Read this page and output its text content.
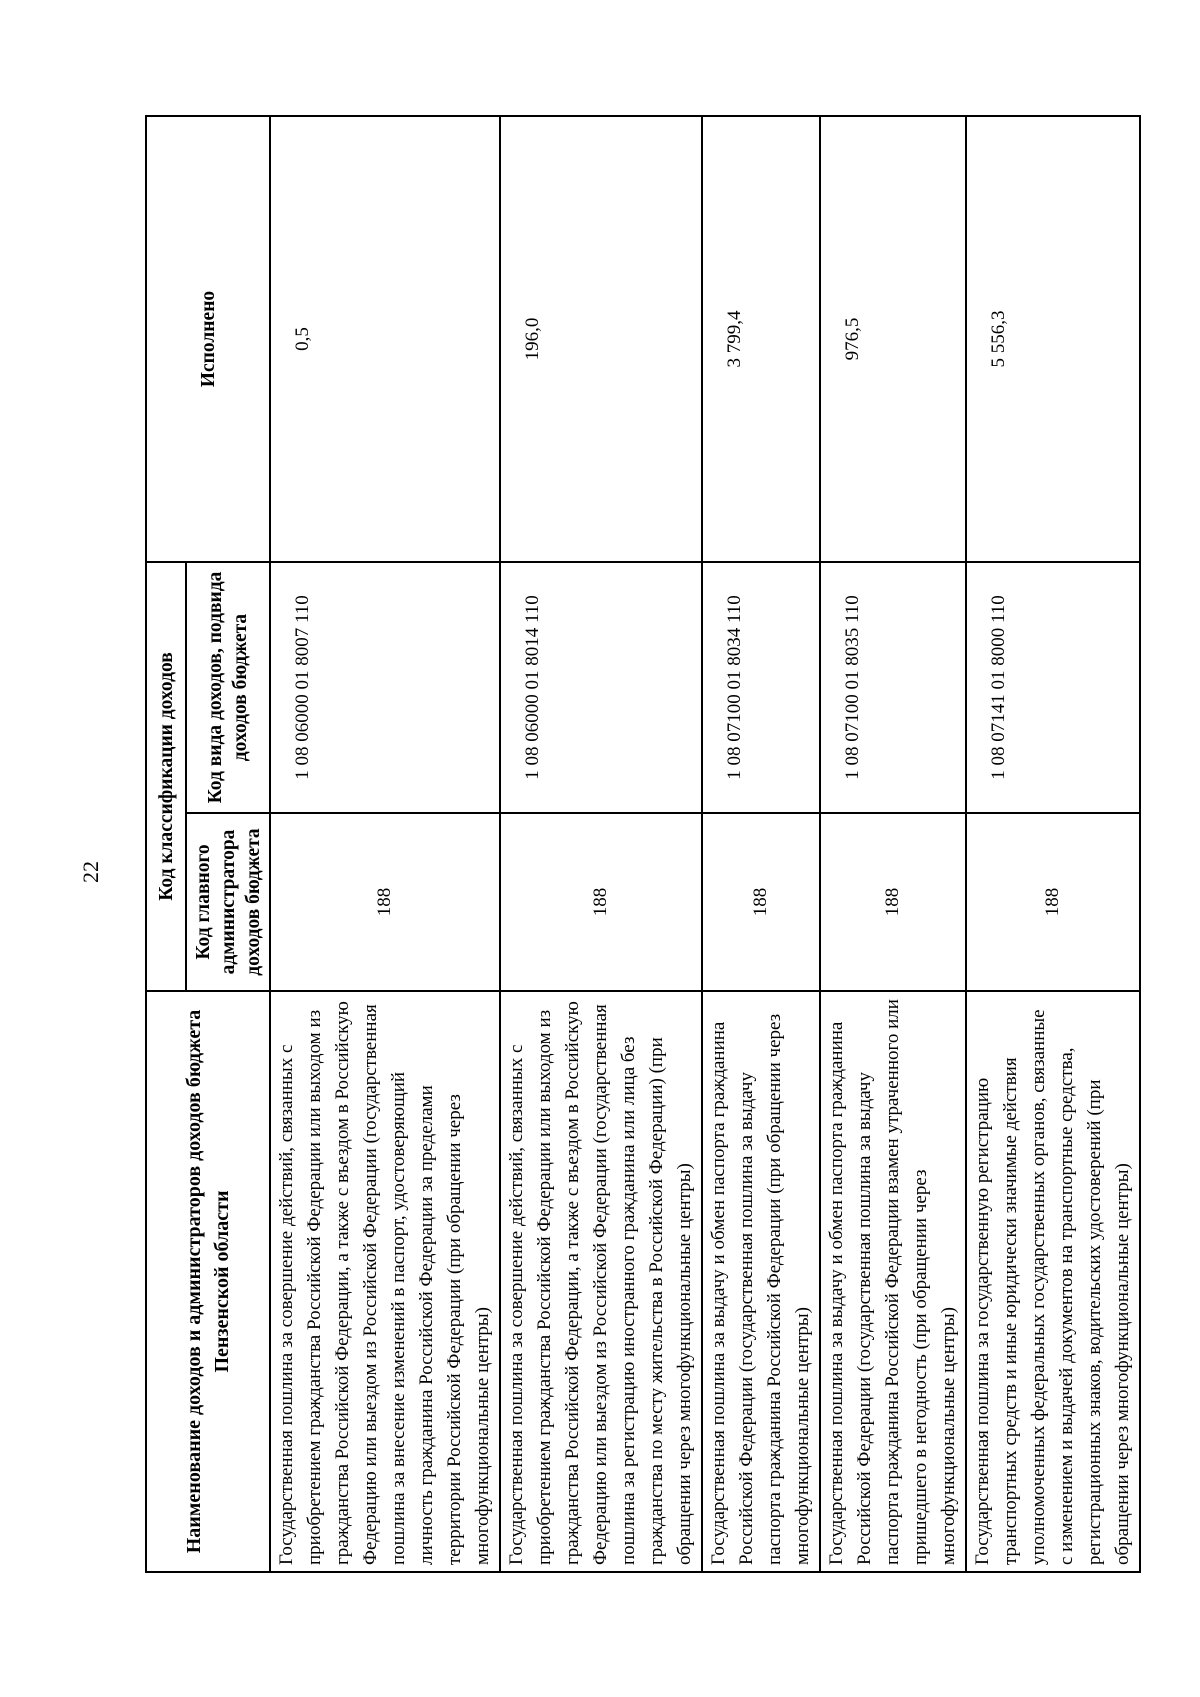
22
Наименование доходов и администраторов доходов бюджета Пензенской области	Код классификации доходов		Исполнено
	Код главного администратора доходов бюджета	Код вида доходов, подвида доходов бюджета	
Государственная пошлина за совершение действий, связанных с приобретением гражданства Российской Федерации или выходом из гражданства Российской Федерации, а также с въездом в Российскую Федерацию или выездом из Российской Федерации (государственная пошлина за внесение изменений в паспорт, удостоверяющий личность гражданина Российской Федерации за пределами территории Российской Федерации (при обращении через многофункциональные центры)	188	1 08 06000 01 8007 110	0,5
Государственная пошлина за совершение действий, связанных с приобретением гражданства Российской Федерации или выходом из гражданства Российской Федерации, а также с въездом в Российскую Федерацию или выездом из Российской Федерации (государственная пошлина за регистрацию иностранного гражданина или лица без гражданства по месту жительства в Российской Федерации) (при обращении через многофункциональные центры)	188	1 08 06000 01 8014 110	196,0
Государственная пошлина за выдачу и обмен паспорта гражданина Российской Федерации (государственная пошлина за выдачу паспорта гражданина Российской Федерации (при обращении через многофункциональные центры)	188	1 08 07100 01 8034 110	3 799,4
Государственная пошлина за выдачу и обмен паспорта гражданина Российской Федерации (государственная пошлина за выдачу паспорта гражданина Российской Федерации взамен утраченного или пришедшего в негодность (при обращении через многофункциональные центры)	188	1 08 07100 01 8035 110	976,5
Государственная пошлина за государственную регистрацию транспортных средств и иные юридически значимые действия уполномоченных федеральных государственных органов, связанные с изменением и выдачей документов на транспортные средства, регистрационных знаков, водительских удостоверений (при обращении через многофункциональные центры)	188	1 08 07141 01 8000 110	5 556,3
